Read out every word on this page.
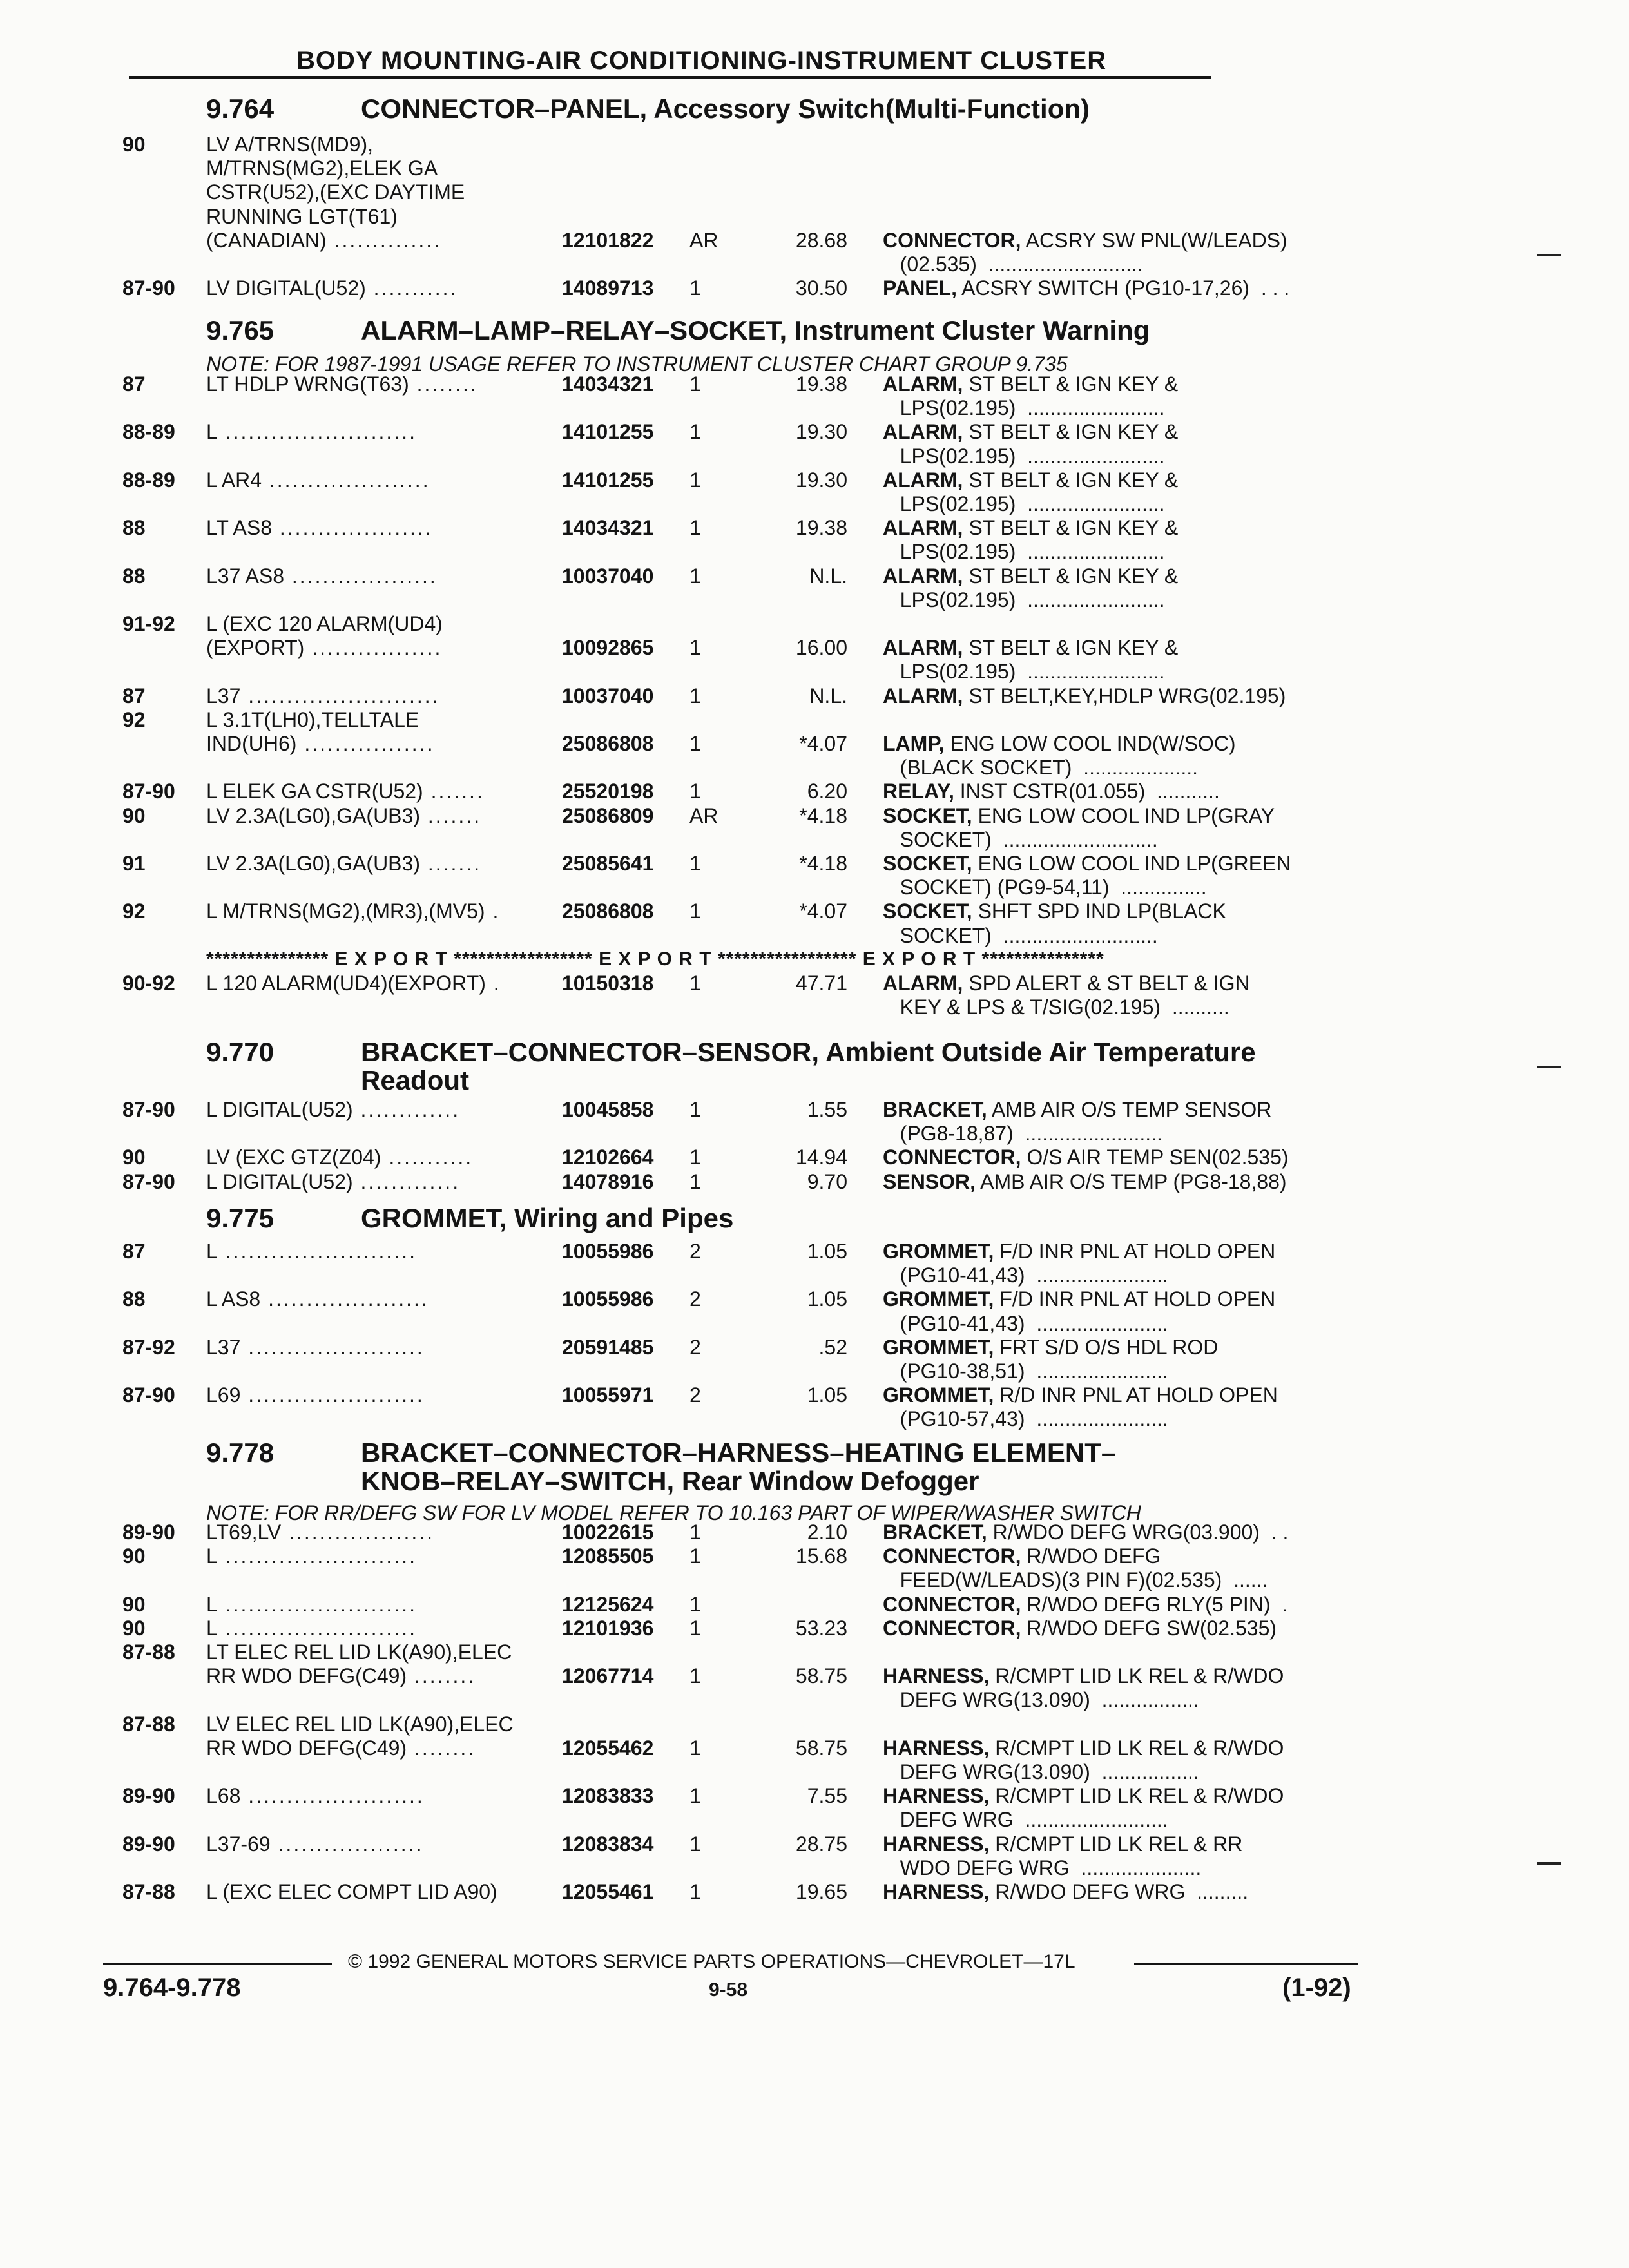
BODY MOUNTING-AIR CONDITIONING-INSTRUMENT CLUSTER
9.764	CONNECTOR–PANEL, Accessory Switch(Multi-Function)
90	LV A/TRNS(MD9),
M/TRNS(MG2),ELEK GA
CSTR(U52),(EXC DAYTIME
RUNNING LGT(T61)
(CANADIAN) ..............	12101822 AR	28.68 CONNECTOR, ACSRY SW PNL(W/LEADS)
(02.535)  ...........................
87-90 LV DIGITAL(U52) ...........	14089713 1	30.50 PANEL, ACSRY SWITCH (PG10-17,26)  . . .
9.765	ALARM–LAMP–RELAY–SOCKET, Instrument Cluster Warning
NOTE: FOR 1987-1991 USAGE REFER TO INSTRUMENT CLUSTER CHART GROUP 9.735
87	LT HDLP WRNG(T63) ........	14034321 1	19.38 ALARM, ST BELT & IGN KEY &
LPS(02.195)  ........................
88-89 L .........................	14101255 1	19.30 ALARM, ST BELT & IGN KEY &
LPS(02.195)  ........................
88-89 L AR4 .....................	14101255 1	19.30 ALARM, ST BELT & IGN KEY &
LPS(02.195)  ........................
88	LT AS8 ....................	14034321 1	19.38 ALARM, ST BELT & IGN KEY &
LPS(02.195)  ........................
88	L37 AS8 ...................	10037040 1	N.L. ALARM, ST BELT & IGN KEY &
LPS(02.195)  ........................
91-92 L (EXC 120 ALARM(UD4)
(EXPORT) .................	10092865 1	16.00 ALARM, ST BELT & IGN KEY &
LPS(02.195)  ........................
87	L37 .........................	10037040 1	N.L. ALARM, ST BELT,KEY,HDLP WRG(02.195)
92	L 3.1T(LH0),TELLTALE
IND(UH6) .................	25086808 1	*4.07 LAMP, ENG LOW COOL IND(W/SOC)
(BLACK SOCKET)  ....................
87-90 L ELEK GA CSTR(U52) .......	25520198 1	6.20 RELAY, INST CSTR(01.055)  ...........
90	LV 2.3A(LG0),GA(UB3) .......	25086809 AR	*4.18 SOCKET, ENG LOW COOL IND LP(GRAY
SOCKET)  ...........................
91	LV 2.3A(LG0),GA(UB3) .......	25085641 1	*4.18 SOCKET, ENG LOW COOL IND LP(GREEN
SOCKET) (PG9-54,11)  ...............
92	L M/TRNS(MG2),(MR3),(MV5) .	25086808 1	*4.07 SOCKET, SHFT SPD IND LP(BLACK
SOCKET)  ...........................
*************** E X P O R T ***************** E X P O R T ***************** E X P O R T ***************
90-92 L 120 ALARM(UD4)(EXPORT) .	10150318 1	47.71 ALARM, SPD ALERT & ST BELT & IGN
KEY & LPS & T/SIG(02.195)  ..........
9.770	BRACKET–CONNECTOR–SENSOR, Ambient Outside Air Temperature
Readout
87-90 L DIGITAL(U52) .............	10045858 1	1.55 BRACKET, AMB AIR O/S TEMP SENSOR
(PG8-18,87)  ........................
90	LV (EXC GTZ(Z04) ...........	12102664 1	14.94 CONNECTOR, O/S AIR TEMP SEN(02.535)
87-90 L DIGITAL(U52) .............	14078916 1	9.70 SENSOR, AMB AIR O/S TEMP (PG8-18,88)
9.775	GROMMET, Wiring and Pipes
87	L .........................	10055986 2	1.05 GROMMET, F/D INR PNL AT HOLD OPEN
(PG10-41,43)  .......................
88	L AS8 .....................	10055986 2	1.05 GROMMET, F/D INR PNL AT HOLD OPEN
(PG10-41,43)  .......................
87-92 L37 .......................	20591485 2	.52 GROMMET, FRT S/D O/S HDL ROD
(PG10-38,51)  .......................
87-90 L69 .......................	10055971 2	1.05 GROMMET, R/D INR PNL AT HOLD OPEN
(PG10-57,43)  .......................
9.778	BRACKET–CONNECTOR–HARNESS–HEATING ELEMENT–
KNOB–RELAY–SWITCH, Rear Window Defogger
NOTE: FOR RR/DEFG SW FOR LV MODEL REFER TO 10.163 PART OF WIPER/WASHER SWITCH
89-90 LT69,LV ...................	10022615 1	2.10 BRACKET, R/WDO DEFG WRG(03.900)  . .
90	L .........................	12085505 1	15.68 CONNECTOR, R/WDO DEFG
FEED(W/LEADS)(3 PIN F)(02.535)  ......
90	L .........................	12125624 1	CONNECTOR, R/WDO DEFG RLY(5 PIN)  .
90	L .........................	12101936 1	53.23 CONNECTOR, R/WDO DEFG SW(02.535)
87-88 LT ELEC REL LID LK(A90),ELEC
RR WDO DEFG(C49) ........	12067714 1	58.75 HARNESS, R/CMPT LID LK REL & R/WDO
DEFG WRG(13.090)  .................
87-88 LV ELEC REL LID LK(A90),ELEC
RR WDO DEFG(C49) ........	12055462 1	58.75 HARNESS, R/CMPT LID LK REL & R/WDO
DEFG WRG(13.090)  .................
89-90 L68 .......................	12083833 1	7.55 HARNESS, R/CMPT LID LK REL & R/WDO
DEFG WRG  .........................
89-90 L37-69 ...................	12083834 1	28.75 HARNESS, R/CMPT LID LK REL & RR
WDO DEFG WRG  .....................
87-88 L (EXC ELEC COMPT LID A90)	12055461 1	19.65 HARNESS, R/WDO DEFG WRG  .........
© 1992 GENERAL MOTORS SERVICE PARTS OPERATIONS—CHEVROLET—17L
9.764-9.778	9-58	(1-92)
